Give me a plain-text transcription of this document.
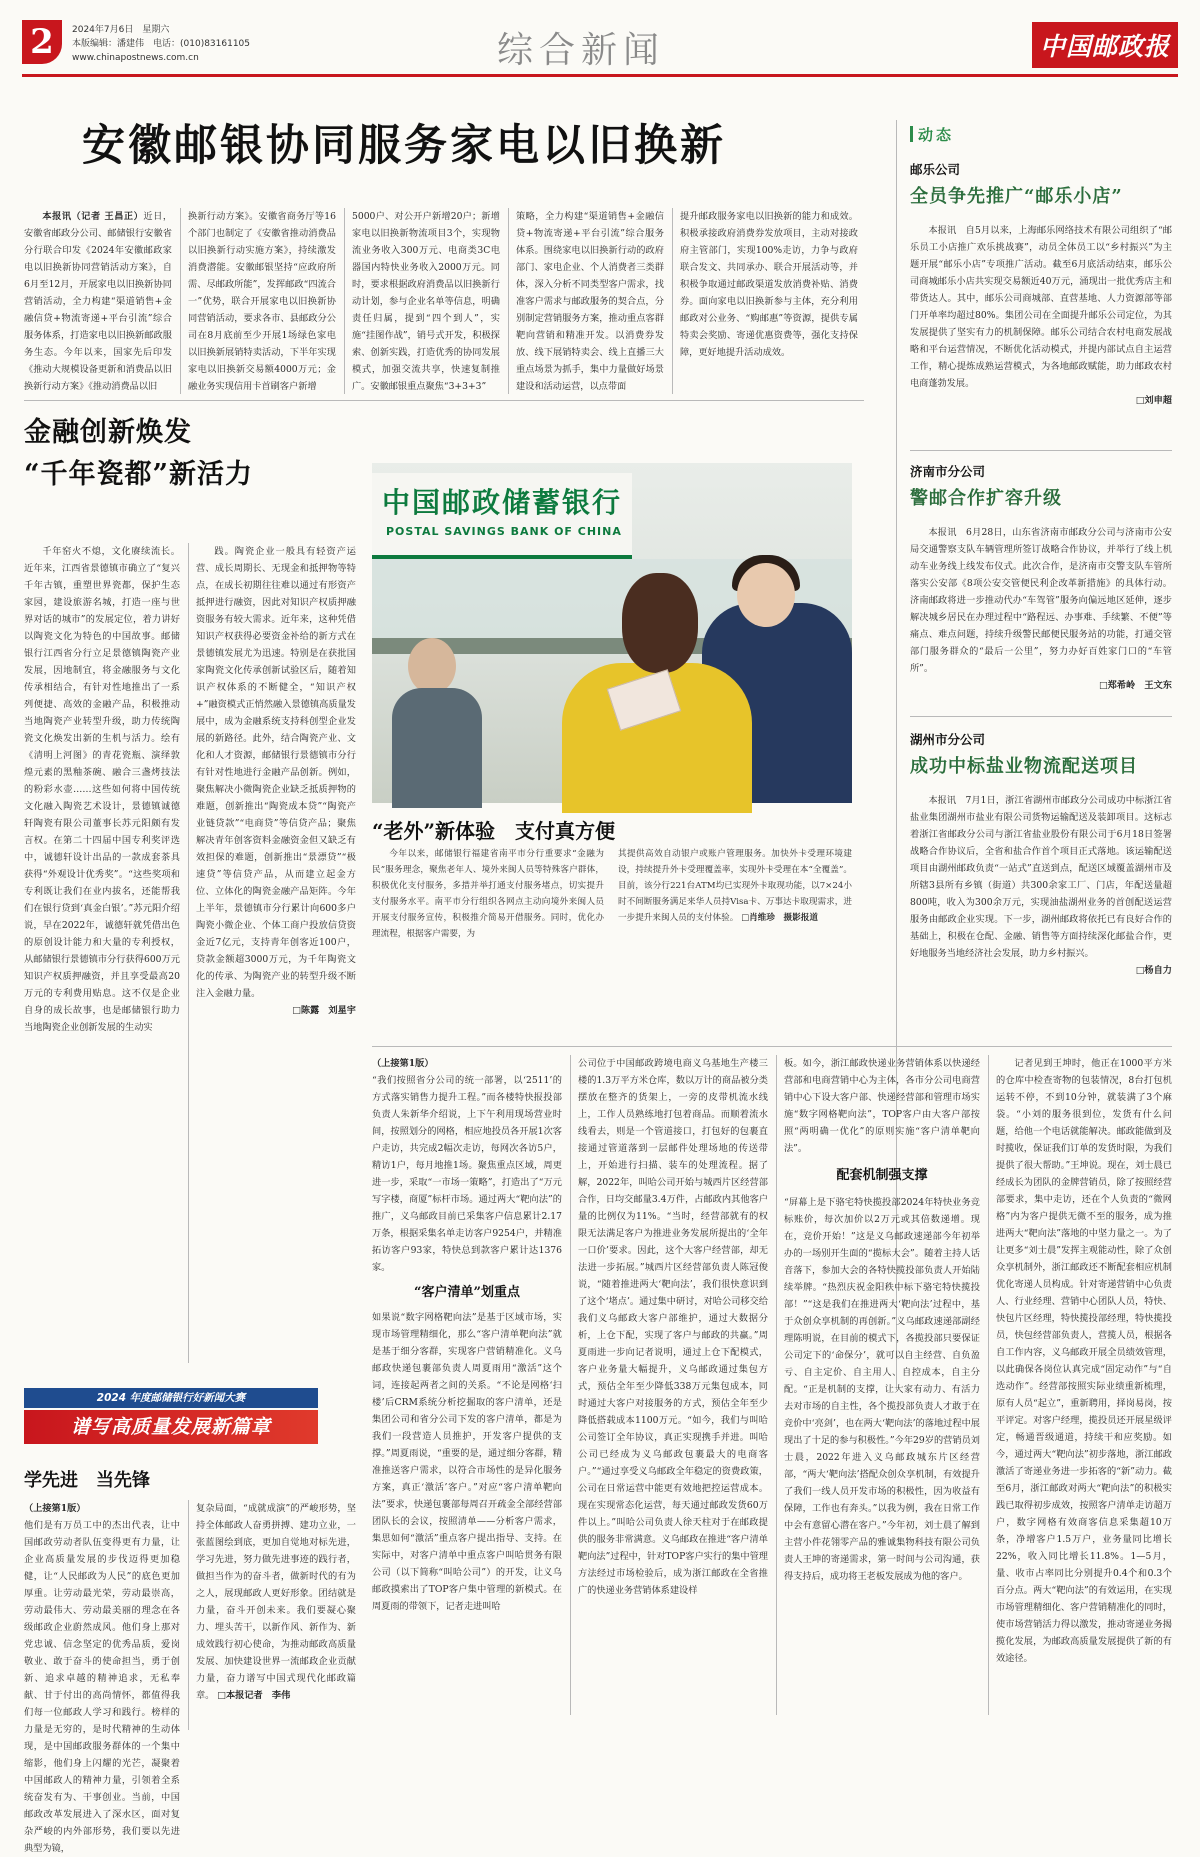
2	2024年7月6日　星期六
本版编辑：潘建伟　电话：(010)83161105
www.chinapostnews.com.cn	综合新闻	中国邮政报
安徽邮银协同服务家电以旧换新
本报讯（记者 王昌正）近日，安徽省邮政分公司、邮储银行安徽省分行联合印发《2024年安徽邮政家电以旧换新协同营销活动方案》，自6月至12月，开展家电以旧换新协同营销活动，全力构建“渠道销售+金融信贷+物流寄递+平台引流”综合服务体系，打造家电以旧换新邮政服务生态。今年以来，国家先后印发《推动大规模设备更新和消费品以旧换新行动方案》《推动消费品以旧
换新行动方案》。安徽省商务厅等16个部门也制定了《安徽省推动消费品以旧换新行动实施方案》，持续激发消费潜能。安徽邮银坚持“应政府所需、尽邮政所能”，发挥邮政“四流合一”优势，联合开展家电以旧换新协同营销活动，要求各市、县邮政分公司在8月底前至少开展1场绿色家电以旧换新展销特卖活动，下半年实现家电以旧换新交易额4000万元；金融业务实现信用卡首刷客户新增
5000户、对公开户新增20户；新增家电以旧换新物流项目3个，实现物流业务收入300万元、电商类3C电器国内特快业务收入2000万元。同时，要求根据政府消费品以旧换新行动计划，参与企业名单等信息，明确责任归属，提到“四个到人”，实施“挂图作战”，销号式开发，积极探索、创新实践，打造优秀的协同发展模式，加强交流共享，快速复制推广。安徽邮银重点聚焦“3+3+3”
策略，全力构建“渠道销售+金融信贷+物流寄递+平台引流”综合服务体系。围绕家电以旧换新行动的政府部门、家电企业、个人消费者三类群体，深入分析不同类型客户需求，找准客户需求与邮政服务的契合点，分别制定营销服务方案，推动重点客群靶向营销和精准开发。以消费券发放、线下展销特卖会、线上直播三大重点场景为抓手，集中力量做好场景建设和活动运营，以点带面
提升邮政服务家电以旧换新的能力和成效。积极承接政府消费券发放项目，主动对接政府主管部门，实现100%走访，力争与政府联合发文、共同承办、联合开展活动等，并积极争取通过邮政渠道发放消费补贴、消费券。面向家电以旧换新参与主体，充分利用邮政对公业务、“购邮惠”等资源，提供专属特卖会奖励、寄递优惠资费等，强化支持保障，更好地提升活动成效。
金融创新焕发
“千年瓷都”新活力
千年窑火不熄，文化赓续流长。近年来，江西省景德镇市确立了“复兴千年古镇，重塑世界瓷都，保护生态家园，建设旅游名城，打造一座与世界对话的城市”的发展定位，着力讲好以陶瓷文化为特色的中国故事。邮储银行江西省分行立足景德镇陶瓷产业发展，因地制宜，将金融服务与文化传承相结合，有针对性地推出了一系列便捷、高效的金融产品，积极推动当地陶瓷产业转型升级，助力传统陶瓷文化焕发出新的生机与活力。绘有《清明上河图》的青花瓷瓶、演绎敦煌元素的黑釉茶碗、融合三盏烤技法的粉彩水壶……这些如何将中国传统文化融入陶瓷艺术设计，景德镇诚德轩陶瓷有限公司董事长苏元阳颇有发言权。在第二十四届中国专利奖评选中，诚德轩设计出品的一款成套茶具获得“外观设计优秀奖”。“这些奖项和专利既让我们在业内拔名，还能帮我们在银行贷到‘真金白银’。”苏元阳介绍说，早在2022年，诚德轩就凭借出色的原创设计能力和大量的专利授权，从邮储银行景德镇市分行获得600万元知识产权质押融资，并且享受最高20万元的专利费用贴息。这不仅是企业自身的成长故事，也是邮储银行助力当地陶瓷企业创新发展的生动实
践。陶瓷企业一般具有轻资产运营、成长周期长、无现金和抵押物等特点，在成长初期往往难以通过有形资产抵押进行融资，因此对知识产权质押融资服务有较大需求。近年来，这种凭借知识产权获得必要资金补给的新方式在景德镇发展尤为迅速。特别是在获批国家陶瓷文化传承创新试验区后，随着知识产权体系的不断健全，“知识产权+”融资模式正悄然融入景德镇高质量发展中，成为金融系统支持科创型企业发展的新路径。此外，结合陶瓷产业、文化和人才资源，邮储银行景德镇市分行有针对性地进行金融产品创新。例如，聚焦解决小微陶瓷企业缺乏抵质押物的难题，创新推出“陶瓷成本贷”“陶瓷产业链贷款”“电商贷”等信贷产品；聚焦解决青年创客资料金融资金但又缺乏有效担保的难题，创新推出“景漂贷”“极速贷”等信贷产品，从而建立起金方位、立体化的陶瓷金融产品矩阵。今年上半年，景德镇市分行累计向600多户陶瓷小微企业、个体工商户投放信贷资金近7亿元，支持青年创客近100户，贷款金额超3000万元，为千年陶瓷文化的传承、为陶瓷产业的转型升级不断注入金融力量。
□陈露　刘星宇
中国邮政储蓄银行
POSTAL SAVINGS BANK OF CHINA
“老外”新体验　支付真方便
今年以来，邮储银行福建省南平市分行重要求“金融为民”服务理念，聚焦老年人、境外来闽人员等特殊客户群体，积极优化支付服务，多措并举打通支付服务堵点，切实提升支付服务水平。南平市分行组织各网点主动向境外来闽人员开展支付服务宣传，积极推介简易开借服务。同时，优化办理流程，根据客户需要，为
其提供高效自动银户或账户管理服务。加快外卡受理环境建设，持续提升外卡受理覆盖率，实现外卡受理在本“全覆盖”。目前，该分行221台ATM均已实现外卡取现功能，以7×24小时不间断服务满足来华人员持Visa卡、万事达卡取现需求，进一步提升来闽人员的支付体验。 □肖维珍　摄影报道
动态
邮乐公司
全员争先推广“邮乐小店”
本报讯　自5月以来，上海邮乐网络技术有限公司组织了“邮乐员工小店推广欢乐挑战赛”，动员全体员工以“乡村振兴”为主题开展“邮乐小店”专项推广活动。截至6月底活动结束，邮乐公司商城邮乐小店共实现交易额近40万元，涌现出一批优秀店主和带货达人。其中，邮乐公司商城部、直营基地、人力资源部等部门开单率均超过80%。集团公司在全面提升邮乐公司定位，为其发展提供了坚实有力的机制保障。邮乐公司结合农村电商发展战略和平台运营情况，不断优化活动模式，并提内部试点自主运营工作，精心提炼成熟运营模式，为各地邮政赋能，助力邮政农村电商蓬勃发展。
□刘申超
济南市分公司
警邮合作扩容升级
本报讯　6月28日，山东省济南市邮政分公司与济南市公安局交通警察支队车辆管理所签订战略合作协议，并举行了线上机动车业务线上线发布仪式。此次合作，是济南市交警支队车管所落实公安部《8项公安交管便民利企改革新措施》的具体行动。济南邮政将进一步推动代办“车驾管”服务向偏远地区延伸，逐步解决城乡居民在办理过程中“路程远、办事难、手续繁、不便”等痛点、难点问题，持续升级警民邮便民服务站的功能，打通交管部门服务群众的“最后一公里”，努力办好百姓家门口的“车管所”。
□郑希岭　王文东
湖州市分公司
成功中标盐业物流配送项目
本报讯　7月1日，浙江省湖州市邮政分公司成功中标浙江省盐业集团湖州市盐业有限公司货物运输配送及装卸项目。这标志着浙江省邮政分公司与浙江省盐业股份有限公司于6月18日签署战略合作协议后，全省和盐合作首个项目正式落地。该运输配送项目由湖州邮政负责“一站式”直送到点，配送区域覆盖湖州市及所辖3县所有乡镇（街道）共300余家工厂、门店，年配送量超800吨，收入为300余万元，实现油盐湖州业务的首创配送运营服务由邮政企业实现。下一步，湖州邮政将依托已有良好合作的基础上，积极在仓配、金融、销售等方面持续深化邮盐合作，更好地服务当地经济社会发展，助力乡村振兴。
□杨自力
（上接第1版）
“我们按照省分公司的统一部署，以‘2511’的方式落实销售力提升工程。”而各楼特快报投部负责人朱新华介绍说，上下午利用现场营业时间，按照划分的网格，相应地投员各开展1次客户走访，共完成2幅次走访，每网次各访5户，精访1户，每月地推1场。聚焦重点区域，周更进一步，采取“一市场一策略”，打造出了“万元写字楼，商厦”标杆市场。通过两大“靶向法”的推广，义乌邮政目前已采集客户信息累计2.17万条，根据采集名单走访客户9254户，并精准拓访客户93家，特快总到款客户累计达1376家。
“客户清单”划重点
如果说“数字网格靶向法”是基于区域市场，实现市场管理精细化，那么“客户清单靶向法”就是基于细分客群，实现客户营销精准化。义乌邮政快递包裹部负责人周夏雨用“激活”这个词，连接起两者之间的关系。“不论是网格‘扫楼’后CRM系统分析挖掘取的客户清单，还是集团公司和省分公司下发的客户清单，都是为我们一段营造人员推护，开发客户提供的支撑。”周夏雨说，“重要的是，通过细分客群，精准推送客户需求，以符合市场性的是异化服务方案，真正‘激活’客户。”对应“客户清单靶向法”要求，快递包裹部每周召开疏金全部经营部团队长的会议，按照清单——分析客户需求，集思如何“激活”重点客户提出指导、支持。在实际中，对客户清单中重点客户叫哈贯务有限公司（以下简称“叫哈公司”）的开发，让义乌邮政摸索出了TOP客户集中管理的新模式。在周夏雨的带领下，记者走进叫哈
公司位于中国邮政跨境电商义乌基地生产楼三楼的1.3万平方米仓库，数以万计的商品被分类摆放在整齐的货架上，一旁的皮带机流水线上，工作人员熟练地打包着商品。而顺着流水线看去，则是一个管道接口，打包好的包裹直接通过管道落到一层邮件处理场地的传送带上，开始进行扫描、装车的处理流程。据了解，2022年，叫哈公司开始与城西片区经营部合作，日均交邮量3.4万件，占邮政内其他客户量的比例仅为11%。“当时，经营部就有的权限无法满足客户为推进业务发展所提出的‘全年一口价’要求。因此，这个大客户经营部，却无法进一步拓展。”城西片区经营部负责人陈冠俊说，“随着推进两大‘靶向法’，我们很快意识到了这个‘堵点’。通过集中研讨，对哈公司移交给我们义乌邮政大客户部维护，通过大数据分析，上仓下配，实现了客户与邮政的共赢。”周夏雨进一步向记者说明，通过上仓下配模式，客户业务量大幅提升，义乌邮政通过集包方式，预估全年至少降低338万元集包成本，同时通过大客户对接服务的方式，预估全年至少降低搭载成本1100万元。“如今，我们与叫哈公司签订全年协议，真正实现携手并进。叫哈公司已经成为义乌邮政包裹最大的电商客户。”“通过享受义乌邮政全年稳定的资费政策，公司在日常运营中能更有效地把控运营成本。现在实现常态化运营，每天通过邮政发货60万件以上。”叫哈公司负责人徐天柱对于在邮政提供的服务非常满意。义乌邮政在推进“客户清单靶向法”过程中，针对TOP客户实行的集中管理方法经过市场检验后，成为浙江邮政在全省推广的快递业务营销体系建设样
板。如今，浙江邮政快递业务营销体系以快递经营部和电商营销中心为主体，各市分公司电商营销中心下设大客户部、快递经营部和管理市场实施“数字网格靶向法”，TOP客户由大客户部按照“两明确一优化”的原则实施“客户清单靶向法”。
配套机制强支撑
“屏幕上是下骆宅特快揽投部2024年特快业务竞标账价，每次加价以2万元或其倍数递增。现在，竞价开始！”这是义乌邮政速递部今年初举办的一场别开生面的“揽标大会”。随着主持人话音落下，参加大会的各特快揽投部负责人开始陆续举牌。“热烈庆祝金阳秩中标下骆宅特快揽投部！”“这是我们在推进两大‘靶向法’过程中，基于众创众享机制的再创新。”义乌邮政速递部副经理陈明说，在目前的模式下，各揽投部只要保证公司定下的‘命保分’，就可以自主经营、自负盈亏、自主定价、自主用人、自控成本，自主分配。“正是机制的支撑，让大家有动力、有活力去对市场的自主性，各个揽投部负责人才敢于在竞价中‘亮剑’，也在两大‘靶向法’的落地过程中展现出了十足的参与积极性。”今年29岁的营销员刘士晨，2022年进入义乌邮政城东片区经营部，“两大‘靶向法’搭配众创众享机制，有效提升了我们一线人员开发市场的积极性，因为收益有保障，工作也有奔头。”以我为例，我在日常工作中会有意留心潜在客户。”今年初，刘士晨了解到主营小件花翎零产品的雅诚集物科技有限公司负责人王坤的寄递需求，第一时间与公司沟通，获得支持后，成功将王老板发展成为他的客户。
记者见到王坤时，他正在1000平方米的仓库中检查寄物的包装情况，8台打包机运转不停，不到10分钟，就装满了3个麻袋。“小刘的服务很到位，发货有什么问题，给他一个电话就能解决。邮政能做到及时揽收，保证我们订单的发货时限，为我们提供了很大帮助。”王坤说。现在，刘士晨已经成长为团队的金牌营销员，除了按照经营部要求，集中走访，还在个人负责的“微网格”内为客户提供无微不至的服务，成为推进两大“靶向法”落地的中坚力量之一。为了让更多“刘士晨”发挥主观能动性，除了众创众享机制外，浙江邮政还不断配套相应机制优化寄递人员构成。针对寄递营销中心负责人、行业经理、营销中心团队人员，特快、快包片区经理，特快揽投部经理，特快揽投员，快包经营部负责人，营揽人员，根据各自工作内容，义乌邮政开展全员绩效管理，以此确保各岗位认真完成“固定动作”与“自选动作”。经营部按照实际业绩重新梳理，原有人员“起立”，重新聘用，择岗易岗，按平评定。对客户经理，揽投员还开展星级评定，畅通晋级通道，持续干和应奖励。如今，通过两大“靶向法”初步落地，浙江邮政激活了寄递业务进一步拓客的“新”动力。截至6月，浙江邮政对两大“靶向法”的积极实践已取得初步成效，按照客户清单走访超万户，数字网格有效商客信息采集超10万条，净增客户1.5万户，业务量同比增长22%，收入同比增长11.8%。1—5月，量、收市占率同比分别提升0.4个和0.3个百分点。两大“靶向法”的有效运用，在实现市场管理精细化、客户营销精准化的同时，使市场营销活力得以激发，推动寄递业务揭揽化发展，为邮政高质量发展提供了新的有效途径。
2024 年度邮储银行好新闻大赛
谱写高质量发展新篇章
学先进　当先锋
（上接第1版）
他们是有万员工中的杰出代表，让中国邮政劳动者队伍变得更有力量，让企业高质量发展的步伐迈得更加稳健，让“人民邮政为人民”的底色更加厚重。让劳动最光荣，劳动最崇高，劳动最伟大、劳动最美丽的理念在各级邮政企业蔚然成风。他们身上那对党忠诚、信念坚定的优秀品质，爱岗敬业、敢于奋斗的使命担当，勇于创新、追求卓越的精神追求，无私奉献、甘于付出的高尚情怀，都值得我们每一位邮政人学习和践行。榜样的力量是无穷的，是时代精神的生动体现，是中国邮政服务群体的一个集中缩影，他们身上闪耀的光芒，凝聚着中国邮政人的精神力量，引领着全系统奋发有为、干事创业。当前，中国邮政改革发展进入了深水区，面对复杂严峻的内外部形势，我们要以先进典型为镜，
复杂局面，“成就成演”的严峻形势，坚持全体邮政人奋勇拼搏、建功立业，一张蓝图绘到底，更加自觉地对标先进，学习先进，努力做先进事迹的践行者，做担当作为的奋斗者，做新时代的有为之人，展现邮政人更好形象。团结就是力量，奋斗开创未来。我们要凝心聚力、埋头苦干，以新作风、新作为、新成效践行初心使命，为推动邮政高质量发展、加快建设世界一流邮政企业贡献力量，奋力谱写中国式现代化邮政篇章。 □本报记者　李伟
